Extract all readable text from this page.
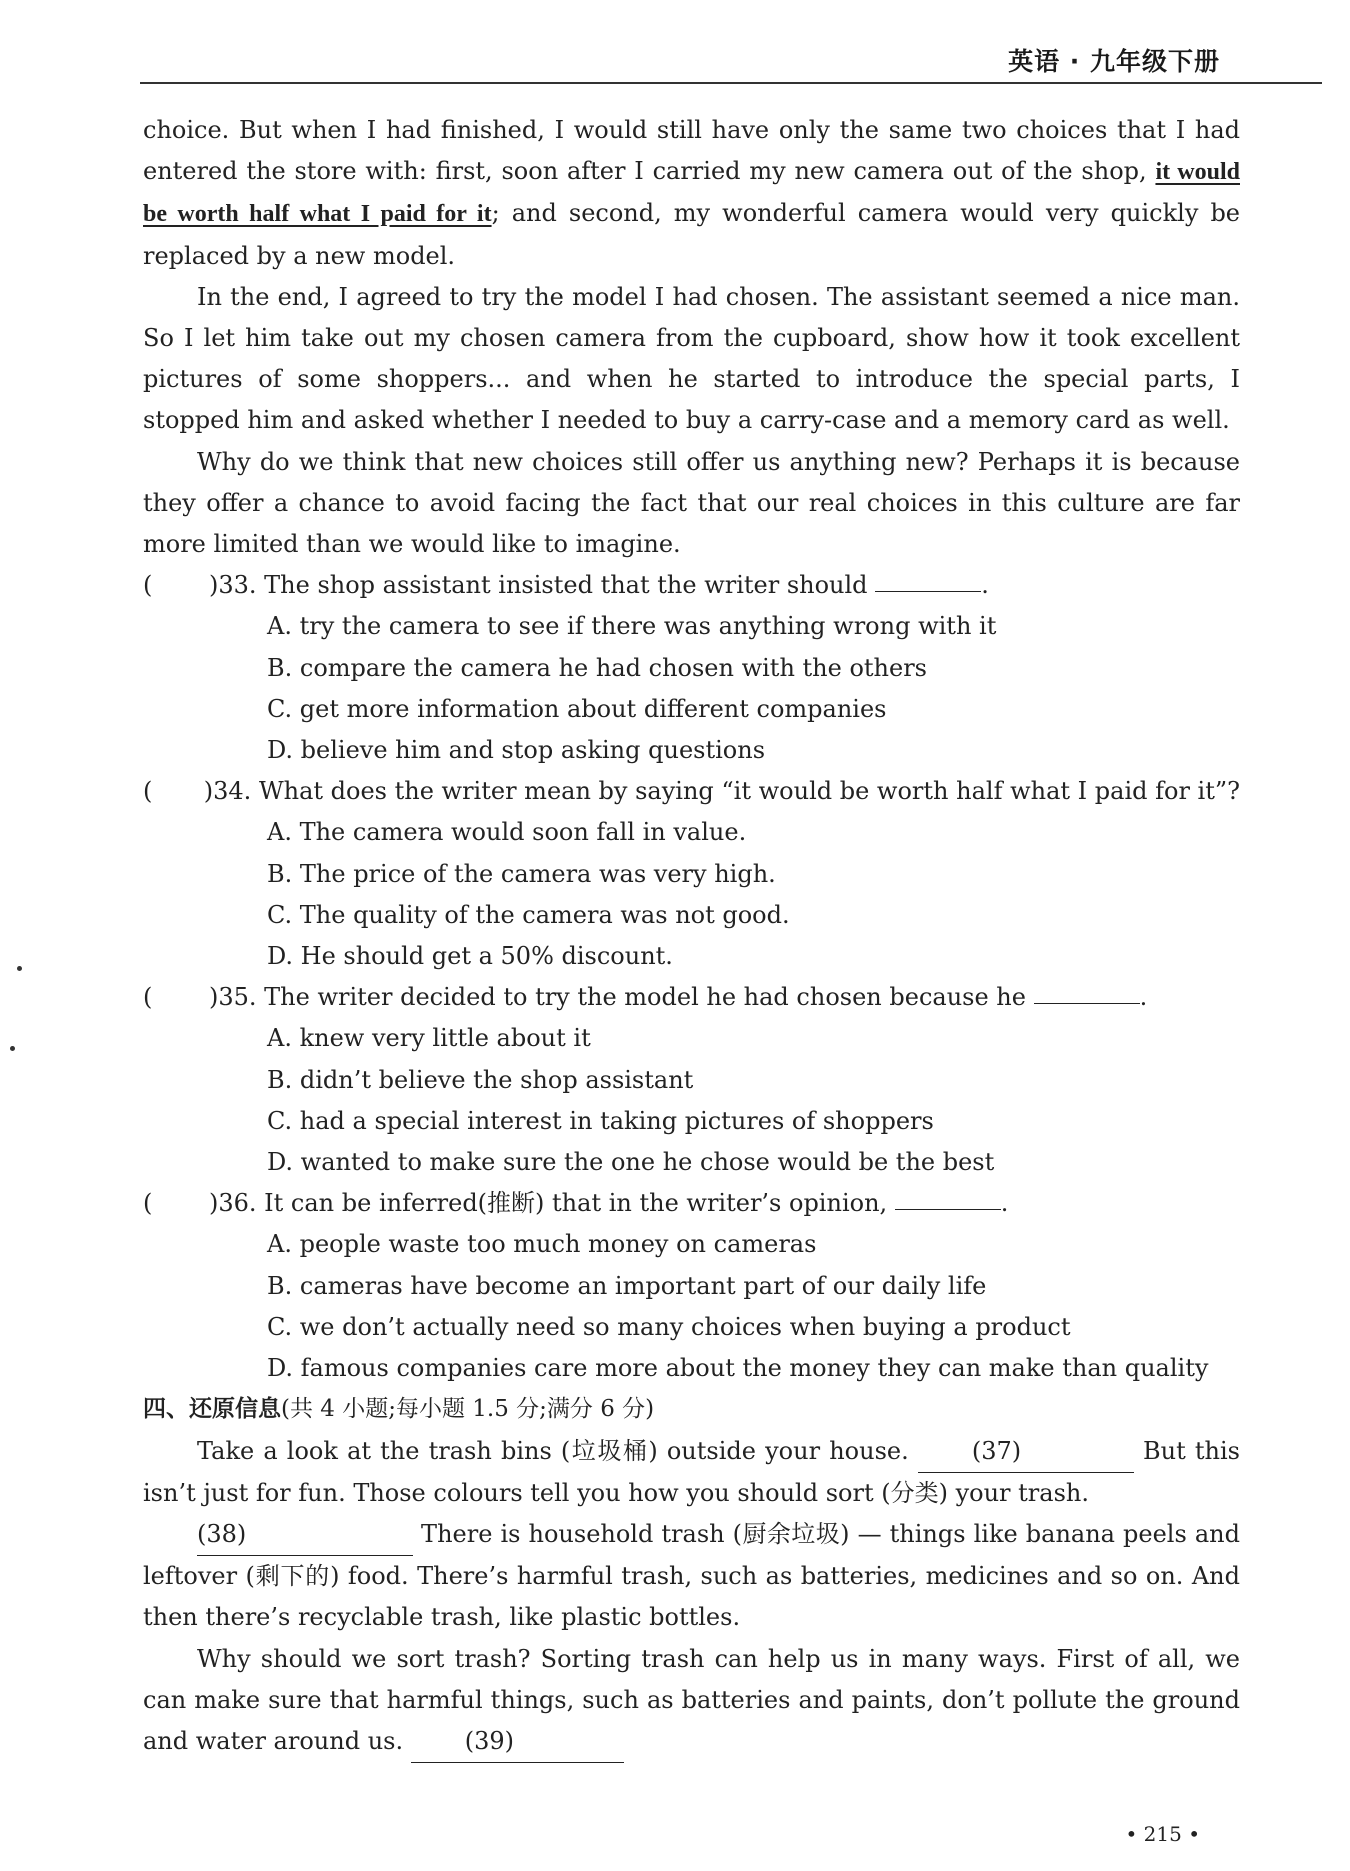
英语 · 九年级下册

choice. But when I had finished, I would still have only the same two choices that I had entered the store with: first, soon after I carried my new camera out of the shop, it would be worth half what I paid for it; and second, my wonderful camera would very quickly be replaced by a new model.

In the end, I agreed to try the model I had chosen. The assistant seemed a nice man. So I let him take out my chosen camera from the cupboard, show how it took excellent pictures of some shoppers... and when he started to introduce the special parts, I stopped him and asked whether I needed to buy a carry-case and a memory card as well.

Why do we think that new choices still offer us anything new? Perhaps it is because they offer a chance to avoid facing the fact that our real choices in this culture are far more limited than we would like to imagine.

(	)33. The shop assistant insisted that the writer should	.

A. try the camera to see if there was anything wrong with it

B. compare the camera he had chosen with the others

C. get more information about different companies

D. believe him and stop asking questions

(	)34. What does the writer mean by saying “it would be worth half what I paid for it”?

A. The camera would soon fall in value.

B. The price of the camera was very high.

C. The quality of the camera was not good.

D. He should get a 50% discount.

(	)35. The writer decided to try the model he had chosen because he	.

A. knew very little about it

B. didn’t believe the shop assistant

C. had a special interest in taking pictures of shoppers

D. wanted to make sure the one he chose would be the best

(	)36. It can be inferred(推断) that in the writer’s opinion,	.

A. people waste too much money on cameras

B. cameras have become an important part of our daily life

C. we don’t actually need so many choices when buying a product

D. famous companies care more about the money they can make than quality

四、还原信息(共 4 小题;每小题 1.5 分;满分 6 分)

Take a look at the trash bins (垃圾桶) outside your house. (37)	But this isn’t just for fun. Those colours tell you how you should sort (分类) your trash.

(38)	There is household trash (厨余垃圾) — things like banana peels and leftover (剩下的) food. There’s harmful trash, such as batteries, medicines and so on. And then there’s recyclable trash, like plastic bottles.

Why should we sort trash? Sorting trash can help us in many ways. First of all, we can make sure that harmful things, such as batteries and paints, don’t pollute the ground and water around us. (39)

• 215 •
